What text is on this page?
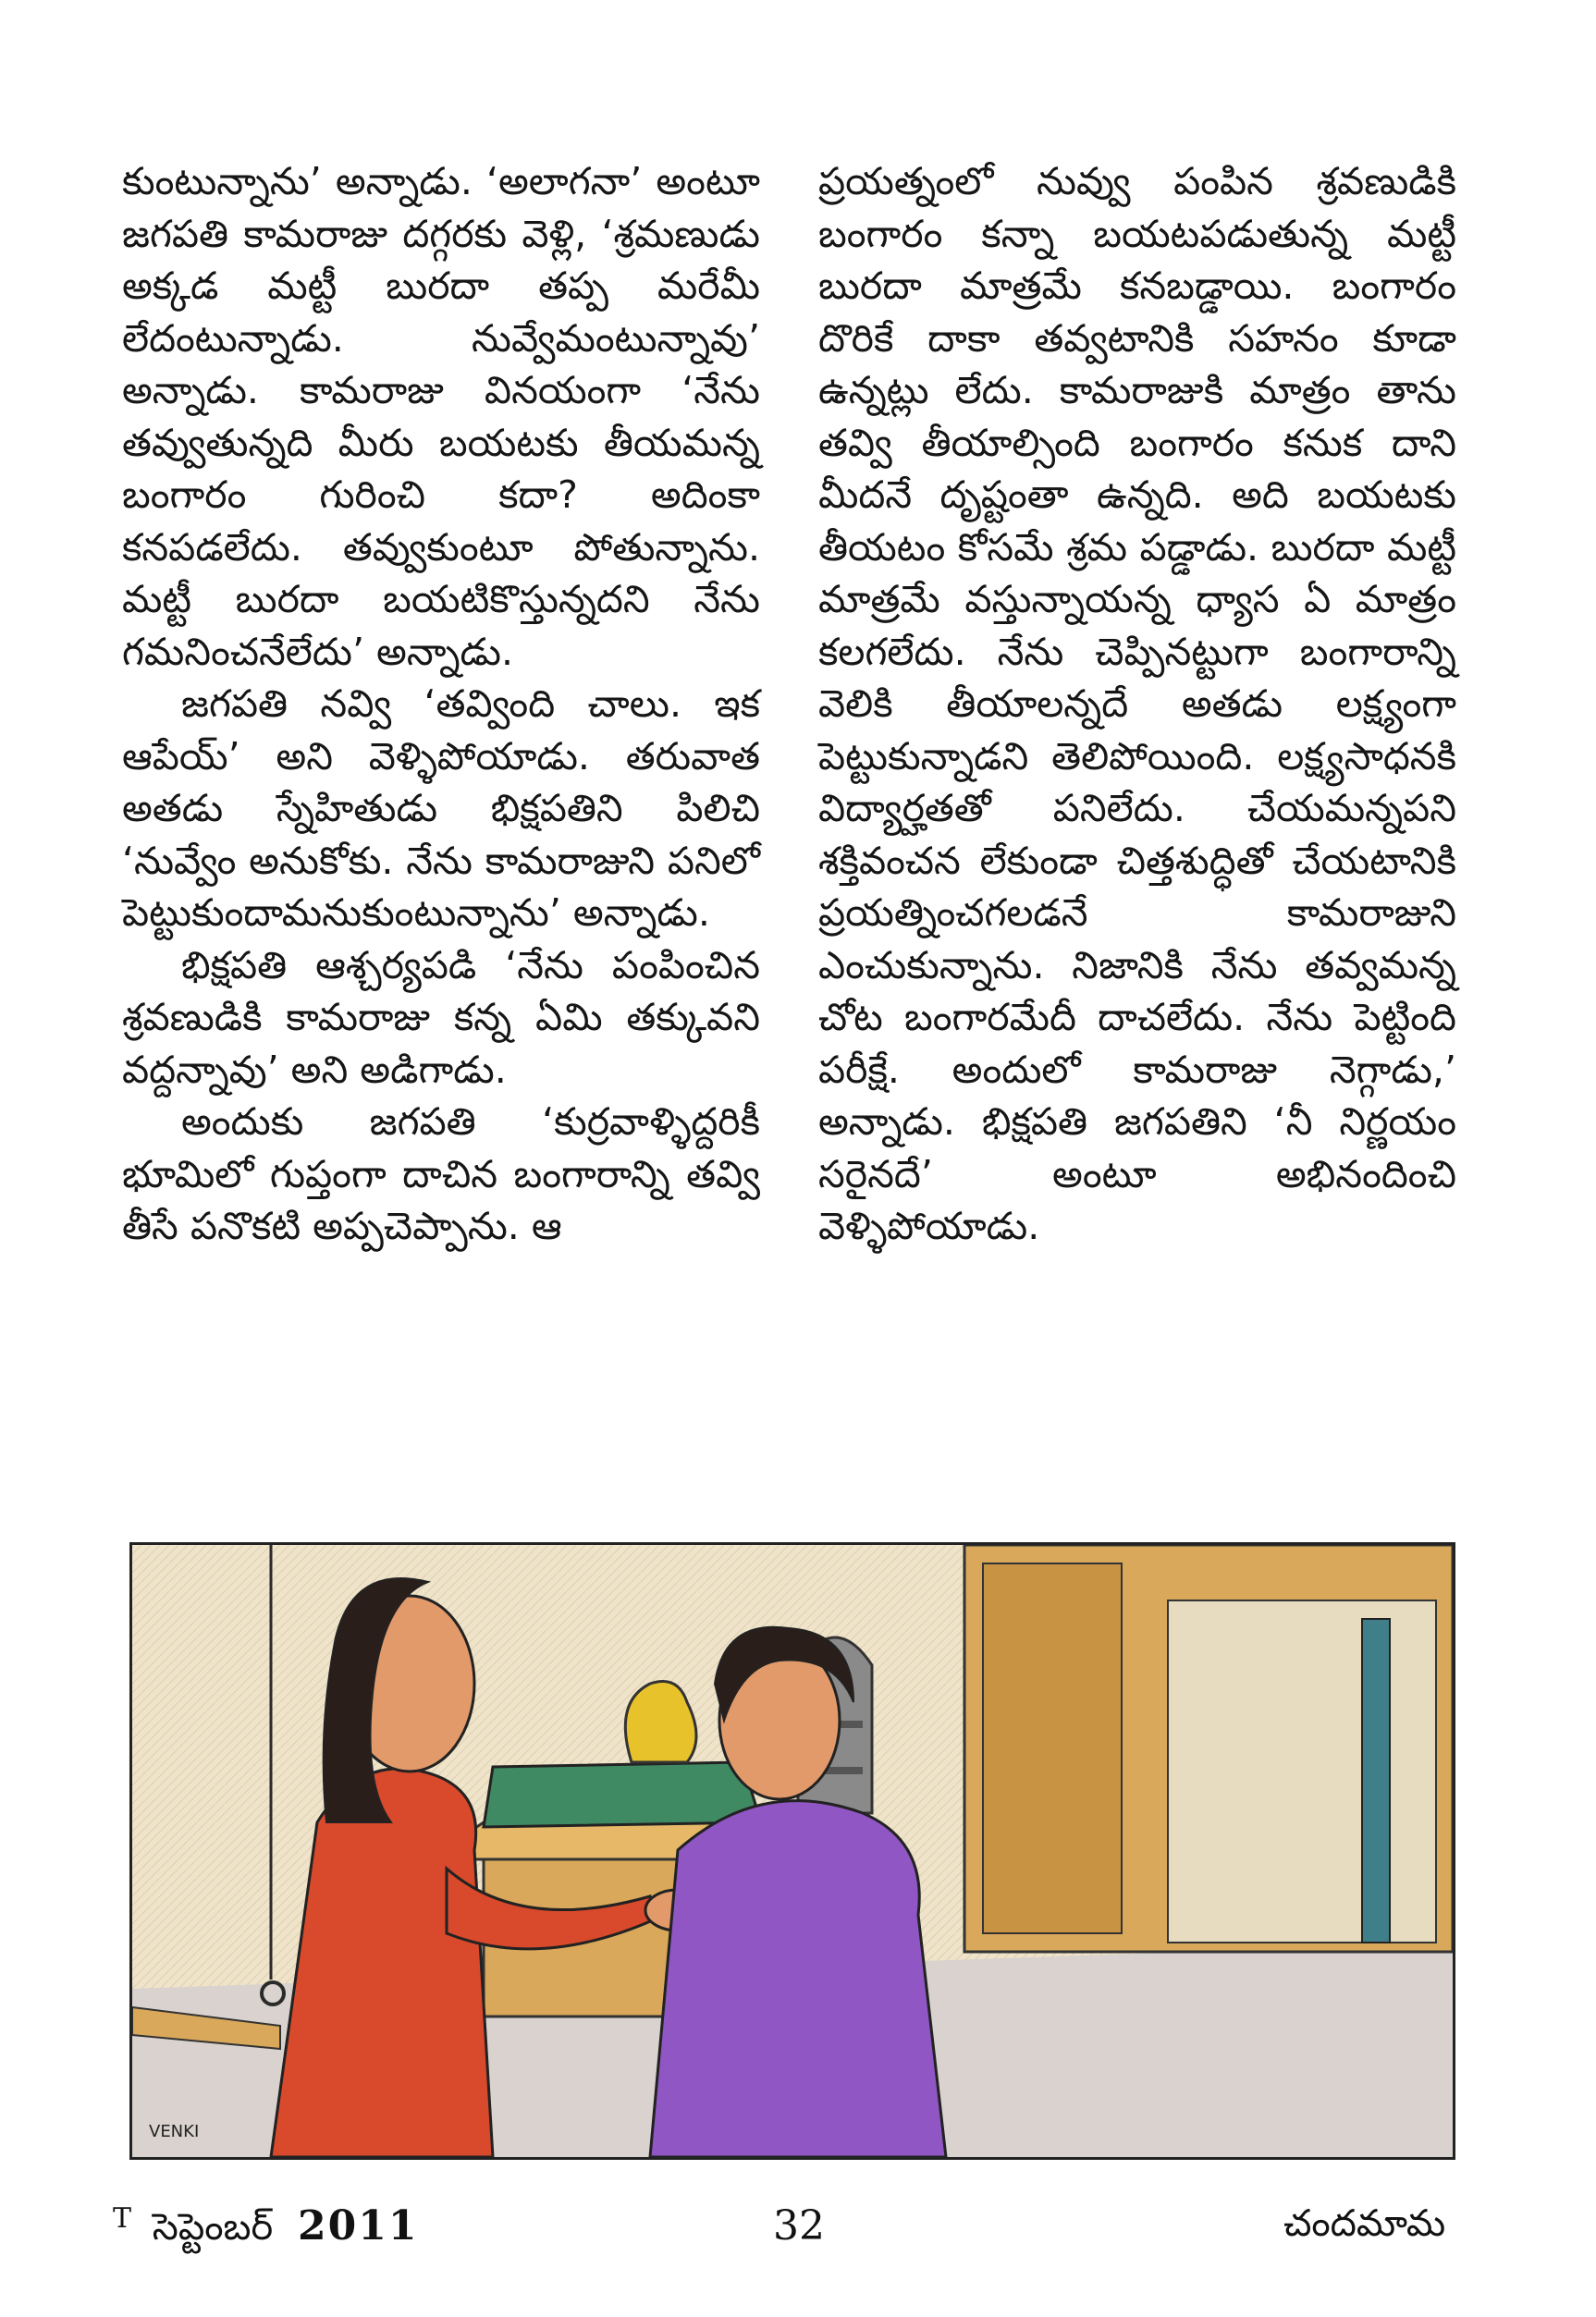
కుంటున్నాను’ అన్నాడు. ‘అలాగనా’ అంటూ జగపతి కామరాజు దగ్గరకు వెళ్లి, ‘శ్రమణుడు అక్కడ మట్టీ బురదా తప్ప మరేమీ లేదంటున్నాడు. నువ్వేమంటున్నావు’ అన్నాడు. కామరాజు వినయంగా ‘నేను తవ్వుతున్నది మీరు బయటకు తీయమన్న బంగారం గురించి కదా? అదింకా కనపడలేదు. తవ్వుకుంటూ పోతున్నాను. మట్టీ బురదా బయటికొస్తున్నదని నేను గమనించనేలేదు’ అన్నాడు.

జగపతి నవ్వి ‘తవ్వింది చాలు. ఇక ఆపేయ్’ అని వెళ్ళిపోయాడు. తరువాత అతడు స్నేహితుడు భిక్షపతిని పిలిచి ‘నువ్వేం అనుకోకు. నేను కామరాజుని పనిలో పెట్టుకుందామనుకుంటున్నాను’ అన్నాడు.

భిక్షపతి ఆశ్చర్యపడి ‘నేను పంపించిన శ్రవణుడికి కామరాజు కన్న ఏమి తక్కువని వద్దన్నావు’ అని అడిగాడు.

అందుకు జగపతి ‘కుర్రవాళ్ళిద్దరికీ భూమిలో గుప్తంగా దాచిన బంగారాన్ని తవ్వి తీసే పనొకటి అప్పచెప్పాను. ఆ

ప్రయత్నంలో నువ్వు పంపిన శ్రవణుడికి బంగారం కన్నా బయటపడుతున్న మట్టీ బురదా మాత్రమే కనబడ్డాయి. బంగారం దొరికే దాకా తవ్వటానికి సహనం కూడా ఉన్నట్లు లేదు. కామరాజుకి మాత్రం తాను తవ్వి తీయాల్సింది బంగారం కనుక దాని మీదనే దృష్టంతా ఉన్నది. అది బయటకు తీయటం కోసమే శ్రమ పడ్డాడు. బురదా మట్టీ మాత్రమే వస్తున్నాయన్న ధ్యాస ఏ మాత్రం కలగలేదు. నేను చెప్పినట్టుగా బంగారాన్ని వెలికి తీయాలన్నదే అతడు లక్ష్యంగా పెట్టుకున్నాడని తెలిపోయింది. లక్ష్యసాధనకి విద్యార్హతతో పనిలేదు. చేయమన్నపని శక్తివంచన లేకుండా చిత్తశుద్ధితో చేయటానికి ప్రయత్నించగలడనే కామరాజుని ఎంచుకున్నాను. నిజానికి నేను తవ్వమన్న చోట బంగారమేదీ దాచలేదు. నేను పెట్టింది పరీక్షే. అందులో కామరాజు నెగ్గాడు,’ అన్నాడు. భిక్షపతి జగపతిని ‘నీ నిర్ణయం సరైనదే’ అంటూ అభినందించి వెళ్ళిపోయాడు.

VENKI
$^T$ సెప్టెంబర్ 2011	32	చందమామ
